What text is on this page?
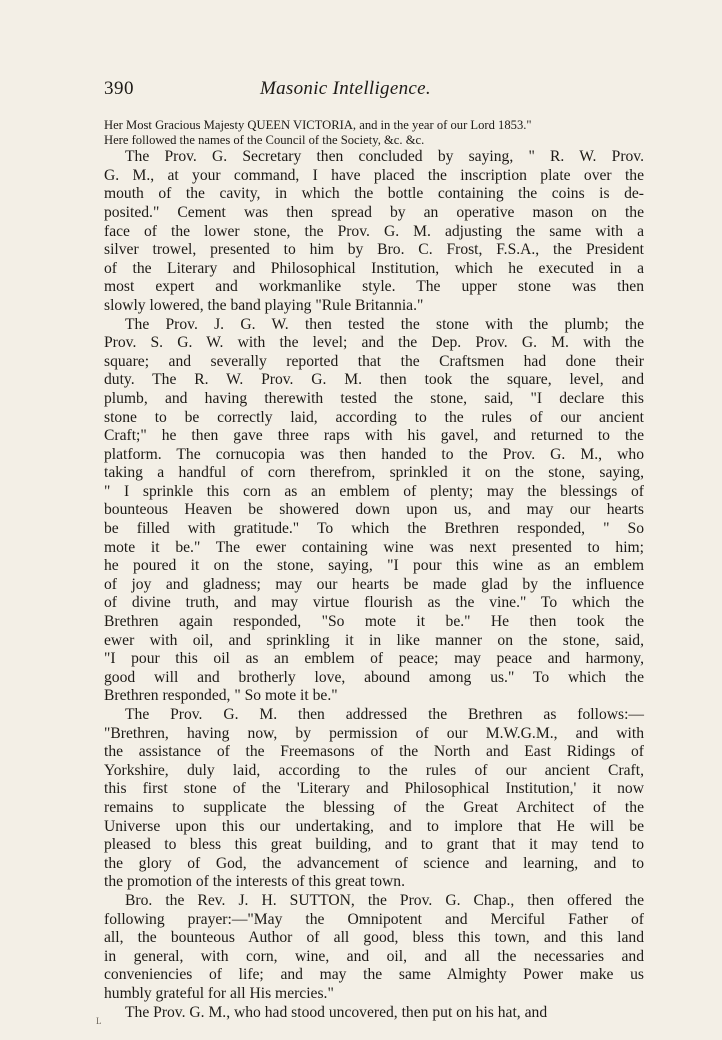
390	Masonic Intelligence.
Her Most Gracious Majesty QUEEN VICTORIA, and in the year of our Lord 1853."
Here followed the names of the Council of the Society, &c. &c.

The Prov. G. Secretary then concluded by saying, " R. W. Prov.
G. M., at your command, I have placed the inscription plate over the
mouth of the cavity, in which the bottle containing the coins is de-
posited." Cement was then spread by an operative mason on the
face of the lower stone, the Prov. G. M. adjusting the same with a
silver trowel, presented to him by Bro. C. Frost, F.S.A., the President
of the Literary and Philosophical Institution, which he executed in a
most expert and workmanlike style. The upper stone was then
slowly lowered, the band playing "Rule Britannia."

The Prov. J. G. W. then tested the stone with the plumb; the
Prov. S. G. W. with the level; and the Dep. Prov. G. M. with the
square; and severally reported that the Craftsmen had done their
duty. The R. W. Prov. G. M. then took the square, level, and
plumb, and having therewith tested the stone, said, "I declare this
stone to be correctly laid, according to the rules of our ancient
Craft;" he then gave three raps with his gavel, and returned to the
platform. The cornucopia was then handed to the Prov. G. M., who
taking a handful of corn therefrom, sprinkled it on the stone, saying,
" I sprinkle this corn as an emblem of plenty; may the blessings of
bounteous Heaven be showered down upon us, and may our hearts
be filled with gratitude." To which the Brethren responded, " So
mote it be." The ewer containing wine was next presented to him;
he poured it on the stone, saying, "I pour this wine as an emblem
of joy and gladness; may our hearts be made glad by the influence
of divine truth, and may virtue flourish as the vine." To which the
Brethren again responded, "So mote it be." He then took the
ewer with oil, and sprinkling it in like manner on the stone, said,
"I pour this oil as an emblem of peace; may peace and harmony,
good will and brotherly love, abound among us." To which the
Brethren responded, " So mote it be."

The Prov. G. M. then addressed the Brethren as follows:—
"Brethren, having now, by permission of our M.W.G.M., and with
the assistance of the Freemasons of the North and East Ridings of
Yorkshire, duly laid, according to the rules of our ancient Craft,
this first stone of the 'Literary and Philosophical Institution,' it now
remains to supplicate the blessing of the Great Architect of the
Universe upon this our undertaking, and to implore that He will be
pleased to bless this great building, and to grant that it may tend to
the glory of God, the advancement of science and learning, and to
the promotion of the interests of this great town.

Bro. the Rev. J. H. SUTTON, the Prov. G. Chap., then offered the
following prayer:—"May the Omnipotent and Merciful Father of
all, the bounteous Author of all good, bless this town, and this land
in general, with corn, wine, and oil, and all the necessaries and
conveniencies of life; and may the same Almighty Power make us
humbly grateful for all His mercies."

The Prov. G. M., who had stood uncovered, then put on his hat, and

L
